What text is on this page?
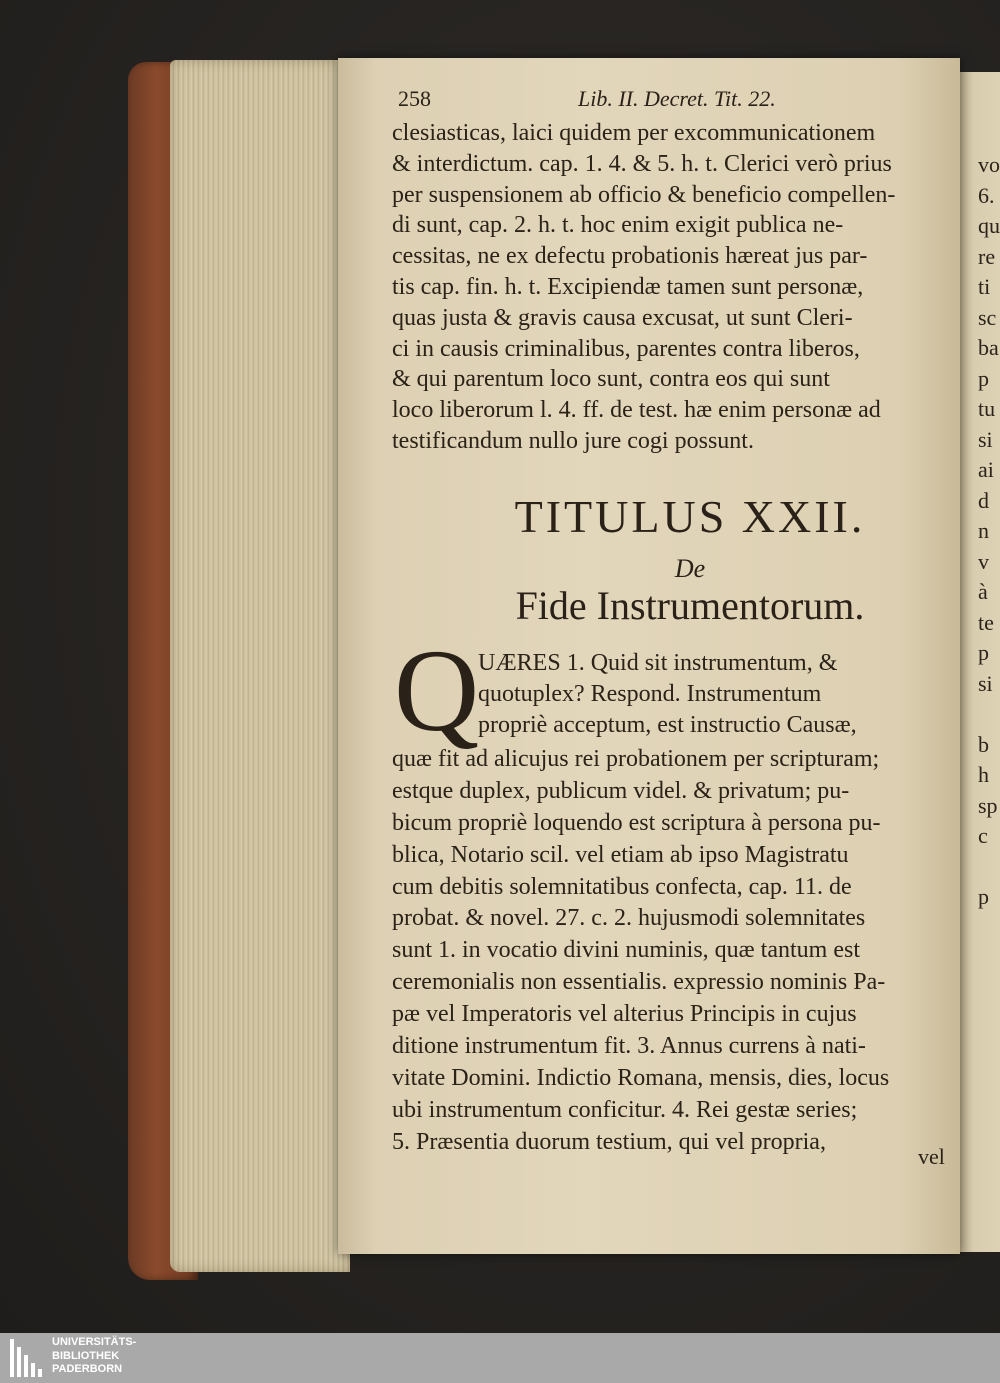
vo
6.
qu
re
ti
sc
ba
p
tu
si
ai
d
n
v
à
te
p
si
b
h
sp
c
p
258	Lib. II. Decret. Tit. 22.
clesiasticas, laici quidem per excommunicationem
& interdictum. cap. 1. 4. & 5. h. t. Clerici verò prius
per suspensionem ab officio & beneficio compellen-
di sunt, cap. 2. h. t. hoc enim exigit publica ne-
cessitas, ne ex defectu probationis hæreat jus par-
tis cap. fin. h. t. Excipiendæ tamen sunt personæ,
quas justa & gravis causa excusat, ut sunt Cleri-
ci in causis criminalibus, parentes contra liberos,
& qui parentum loco sunt, contra eos qui sunt
loco liberorum l. 4. ff. de test. hæ enim personæ ad
testificandum nullo jure cogi possunt.
TITULUS XXII.
De
Fide Instrumentorum.
Q
UÆRES 1. Quid sit instrumentum, &
quotuplex? Respond. Instrumentum
propriè acceptum, est instructio Causæ,
quæ fit ad alicujus rei probationem per scripturam;
estque duplex, publicum videl. & privatum; pu-
bicum propriè loquendo est scriptura à persona pu-
blica, Notario scil. vel etiam ab ipso Magistratu
cum debitis solemnitatibus confecta, cap. 11. de
probat. & novel. 27. c. 2. hujusmodi solemnitates
sunt 1. in vocatio divini numinis, quæ tantum est
ceremonialis non essentialis. expressio nominis Pa-
pæ vel Imperatoris vel alterius Principis in cujus
ditione instrumentum fit. 3. Annus currens à nati-
vitate Domini. Indictio Romana, mensis, dies, locus
ubi instrumentum conficitur. 4. Rei gestæ series;
5. Præsentia duorum testium, qui vel propria,
vel
UNIVERSITÄTS-
BIBLIOTHEK
PADERBORN
